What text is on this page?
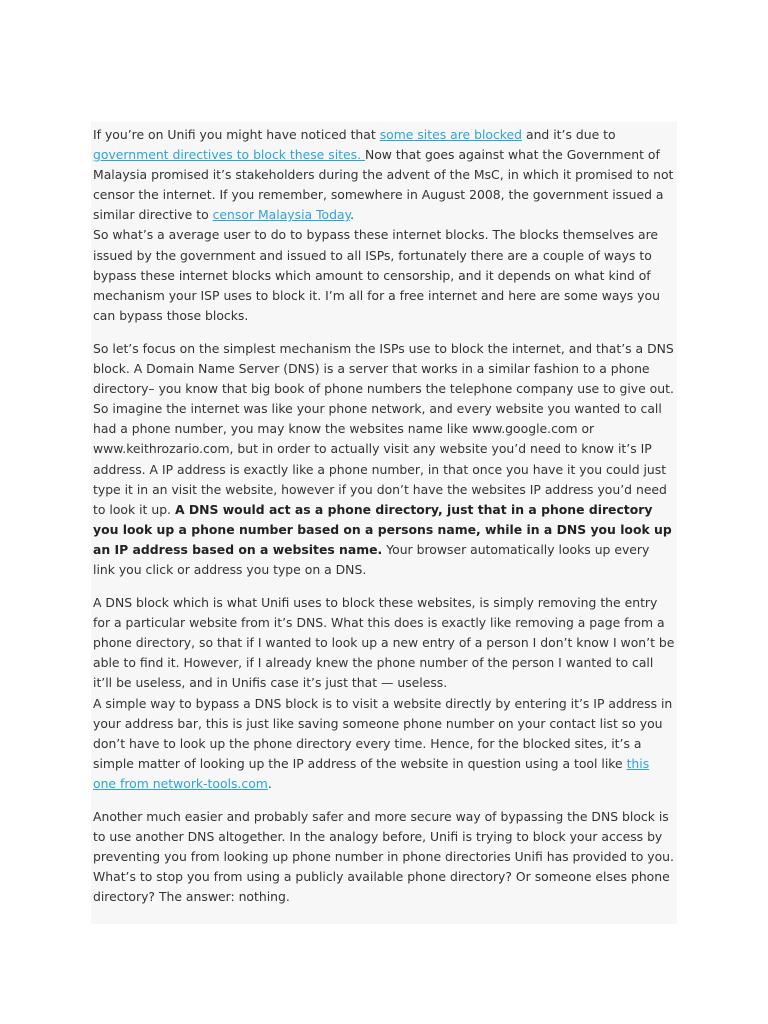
If you’re on Unifi you might have noticed that some sites are blocked and it’s due to government directives to block these sites. Now that goes against what the Government of Malaysia promised it’s stakeholders during the advent of the MsC, in which it promised to not censor the internet. If you remember, somewhere in August 2008, the government issued a similar directive to censor Malaysia Today.
So what’s a average user to do to bypass these internet blocks. The blocks themselves are issued by the government and issued to all ISPs, fortunately there are a couple of ways to bypass these internet blocks which amount to censorship, and it depends on what kind of mechanism your ISP uses to block it. I’m all for a free internet and here are some ways you can bypass those blocks.

So let’s focus on the simplest mechanism the ISPs use to block the internet, and that’s a DNS block. A Domain Name Server (DNS) is a server that works in a similar fashion to a phone directory– you know that big book of phone numbers the telephone company use to give out.
So imagine the internet was like your phone network, and every website you wanted to call had a phone number, you may know the websites name like www.google.com or www.keithrozario.com, but in order to actually visit any website you’d need to know it’s IP address. A IP address is exactly like a phone number, in that once you have it you could just type it in an visit the website, however if you don’t have the websites IP address you’d need to look it up. A DNS would act as a phone directory, just that in a phone directory you look up a phone number based on a persons name, while in a DNS you look up an IP address based on a websites name. Your browser automatically looks up every link you click or address you type on a DNS.

A DNS block which is what Unifi uses to block these websites, is simply removing the entry for a particular website from it’s DNS. What this does is exactly like removing a page from a phone directory, so that if I wanted to look up a new entry of a person I don’t know I won’t be able to find it. However, if I already knew the phone number of the person I wanted to call it’ll be useless, and in Unifis case it’s just that — useless.
A simple way to bypass a DNS block is to visit a website directly by entering it’s IP address in your address bar, this is just like saving someone phone number on your contact list so you don’t have to look up the phone directory every time. Hence, for the blocked sites, it’s a simple matter of looking up the IP address of the website in question using a tool like this one from network-tools.com.

Another much easier and probably safer and more secure way of bypassing the DNS block is to use another DNS altogether. In the analogy before, Unifi is trying to block your access by preventing you from looking up phone number in phone directories Unifi has provided to you. What’s to stop you from using a publicly available phone directory? Or someone elses phone directory? The answer: nothing.
